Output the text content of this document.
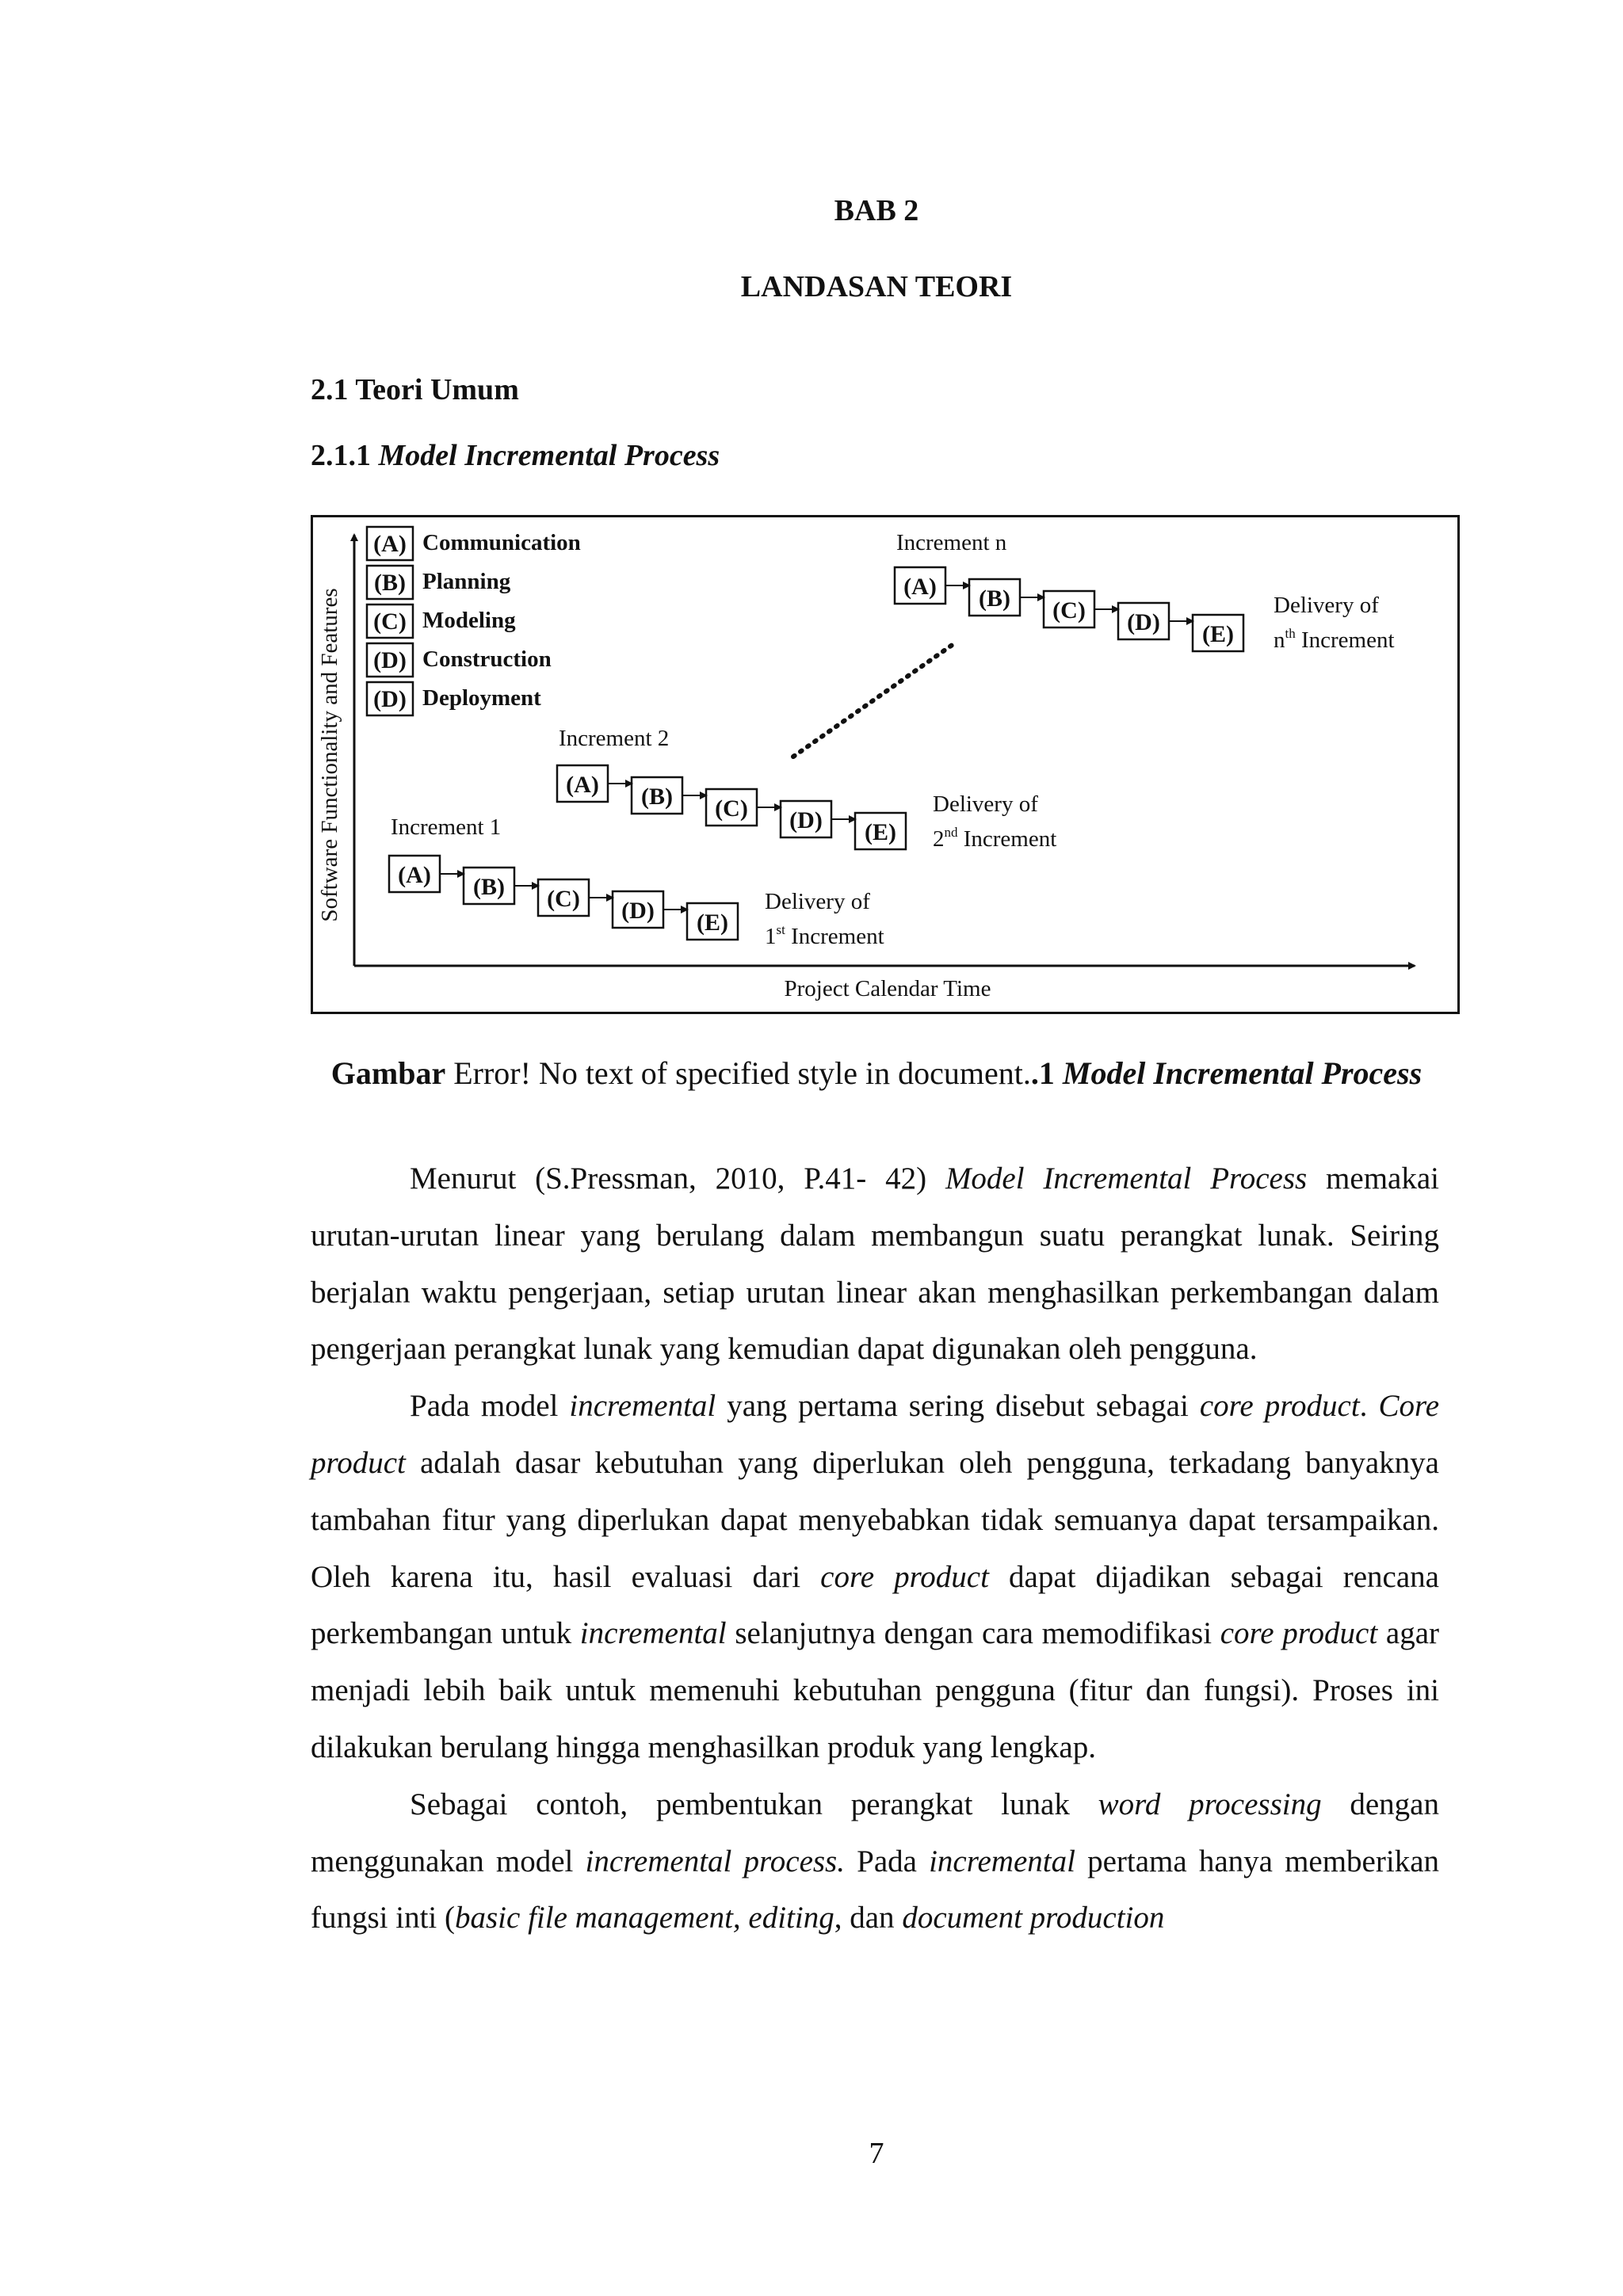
BAB 2
LANDASAN TEORI
2.1 Teori Umum
2.1.1 Model Incremental Process
Software Functionality and Features
Project Calendar Time
(A) Communication
(B) Planning
(C) Modeling
(D) Construction
(D) Deployment
Increment 1
(A) (B) (C) (D) (E)
Delivery of
1st Increment
Increment 2
(A) (B) (C) (D) (E)
Delivery of
2nd Increment
Increment n
(A) (B) (C) (D) (E)
Delivery of
$n^{th}$ Increment
Gambar Error! No text of specified style in document..1 Model Incremental Process

Menurut (S.Pressman, 2010, P.41- 42) Model Incremental Process memakai urutan-urutan linear yang berulang dalam membangun suatu perangkat lunak. Seiring berjalan waktu pengerjaan, setiap urutan linear akan menghasilkan perkembangan dalam pengerjaan perangkat lunak yang kemudian dapat digunakan oleh pengguna.

Pada model incremental yang pertama sering disebut sebagai core product. Core product adalah dasar kebutuhan yang diperlukan oleh pengguna, terkadang banyaknya tambahan fitur yang diperlukan dapat menyebabkan tidak semuanya dapat tersampaikan. Oleh karena itu, hasil evaluasi dari core product dapat dijadikan sebagai rencana perkembangan untuk incremental selanjutnya dengan cara memodifikasi core product agar menjadi lebih baik untuk memenuhi kebutuhan pengguna (fitur dan fungsi). Proses ini dilakukan berulang hingga menghasilkan produk yang lengkap.

Sebagai contoh, pembentukan perangkat lunak word processing dengan menggunakan model incremental process. Pada incremental pertama hanya memberikan fungsi inti (basic file management, editing, dan document production

7
